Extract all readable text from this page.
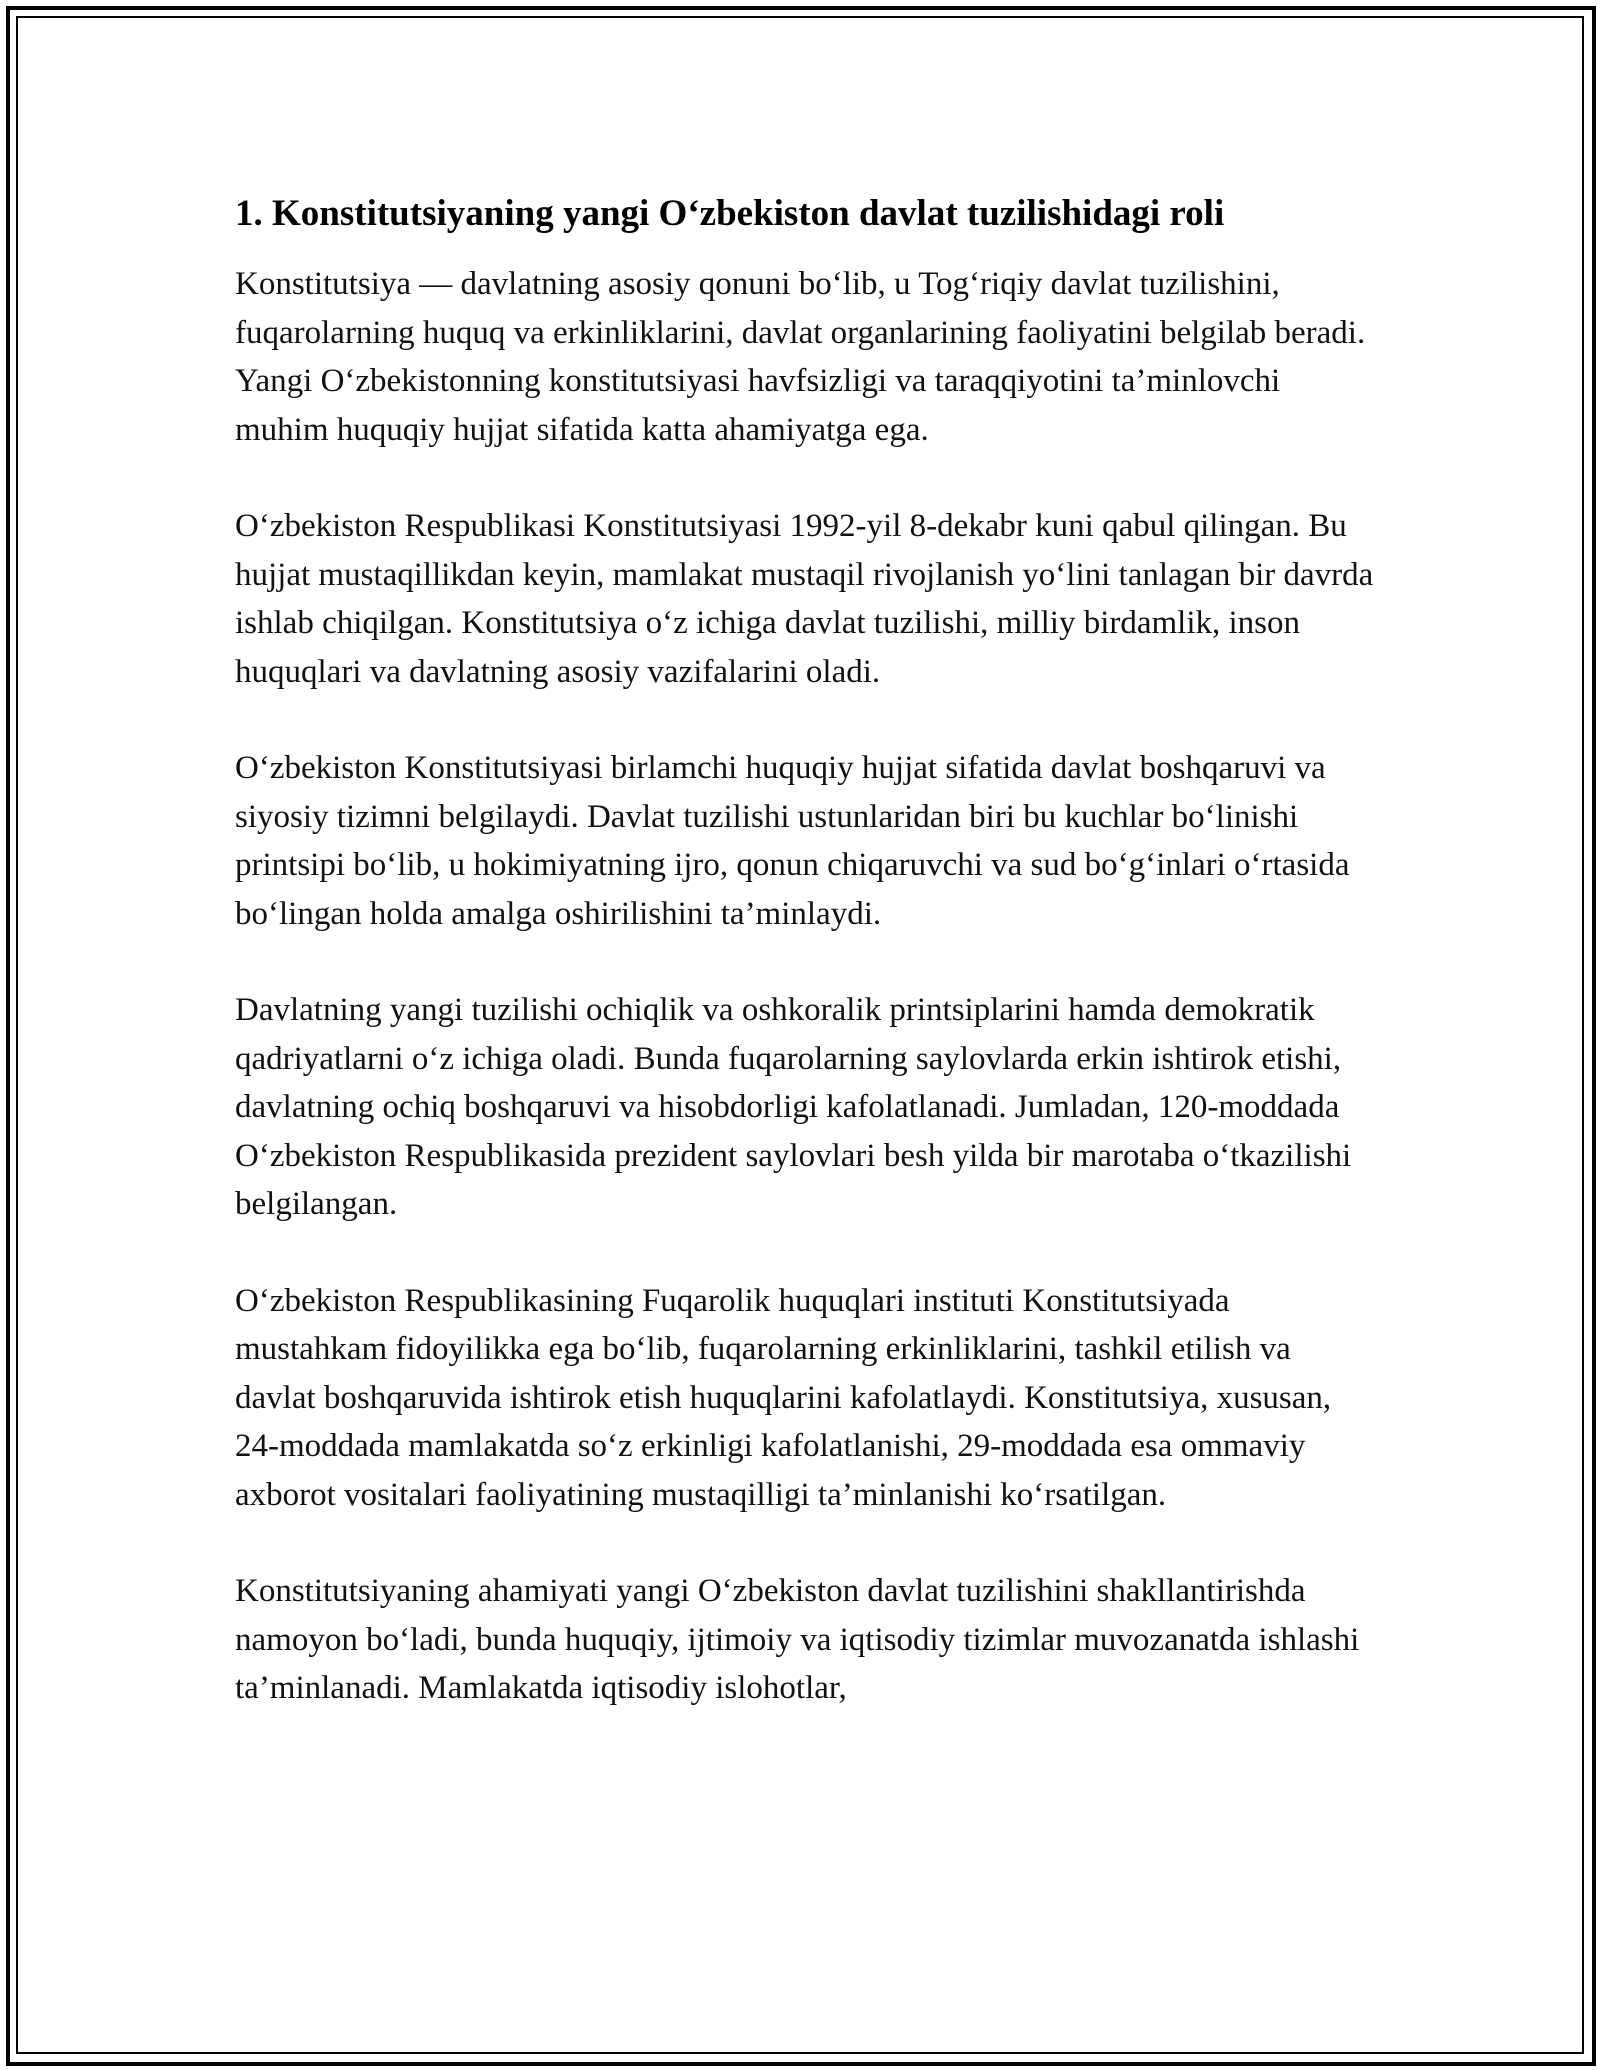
1. Konstitutsiyaning yangi O‘zbekiston davlat tuzilishidagi roli

Konstitutsiya — davlatning asosiy qonuni bo‘lib, u Tog‘riqiy davlat tuzilishini, fuqarolarning huquq va erkinliklarini, davlat organlarining faoliyatini belgilab beradi. Yangi O‘zbekistonning konstitutsiyasi havfsizligi va taraqqiyotini ta’minlovchi muhim huquqiy hujjat sifatida katta ahamiyatga ega.

O‘zbekiston Respublikasi Konstitutsiyasi 1992-yil 8-dekabr kuni qabul qilingan. Bu hujjat mustaqillikdan keyin, mamlakat mustaqil rivojlanish yo‘lini tanlagan bir davrda ishlab chiqilgan. Konstitutsiya o‘z ichiga davlat tuzilishi, milliy birdamlik, inson huquqlari va davlatning asosiy vazifalarini oladi.

O‘zbekiston Konstitutsiyasi birlamchi huquqiy hujjat sifatida davlat boshqaruvi va siyosiy tizimni belgilaydi. Davlat tuzilishi ustunlaridan biri bu kuchlar bo‘linishi printsipi bo‘lib, u hokimiyatning ijro, qonun chiqaruvchi va sud bo‘g‘inlari o‘rtasida bo‘lingan holda amalga oshirilishini ta’minlaydi.

Davlatning yangi tuzilishi ochiqlik va oshkoralik printsiplarini hamda demokratik qadriyatlarni o‘z ichiga oladi. Bunda fuqarolarning saylovlarda erkin ishtirok etishi, davlatning ochiq boshqaruvi va hisobdorligi kafolatlanadi. Jumladan, 120-moddada O‘zbekiston Respublikasida prezident saylovlari besh yilda bir marotaba o‘tkazilishi belgilangan.

O‘zbekiston Respublikasining Fuqarolik huquqlari instituti Konstitutsiyada mustahkam fidoyilikka ega bo‘lib, fuqarolarning erkinliklarini, tashkil etilish va davlat boshqaruvida ishtirok etish huquqlarini kafolatlaydi. Konstitutsiya, xususan, 24-moddada mamlakatda so‘z erkinligi kafolatlanishi, 29-moddada esa ommaviy axborot vositalari faoliyatining mustaqilligi ta’minlanishi ko‘rsatilgan.

Konstitutsiyaning ahamiyati yangi O‘zbekiston davlat tuzilishini shakllantirishda namoyon bo‘ladi, bunda huquqiy, ijtimoiy va iqtisodiy tizimlar muvozanatda ishlashi ta’minlanadi. Mamlakatda iqtisodiy islohotlar,
